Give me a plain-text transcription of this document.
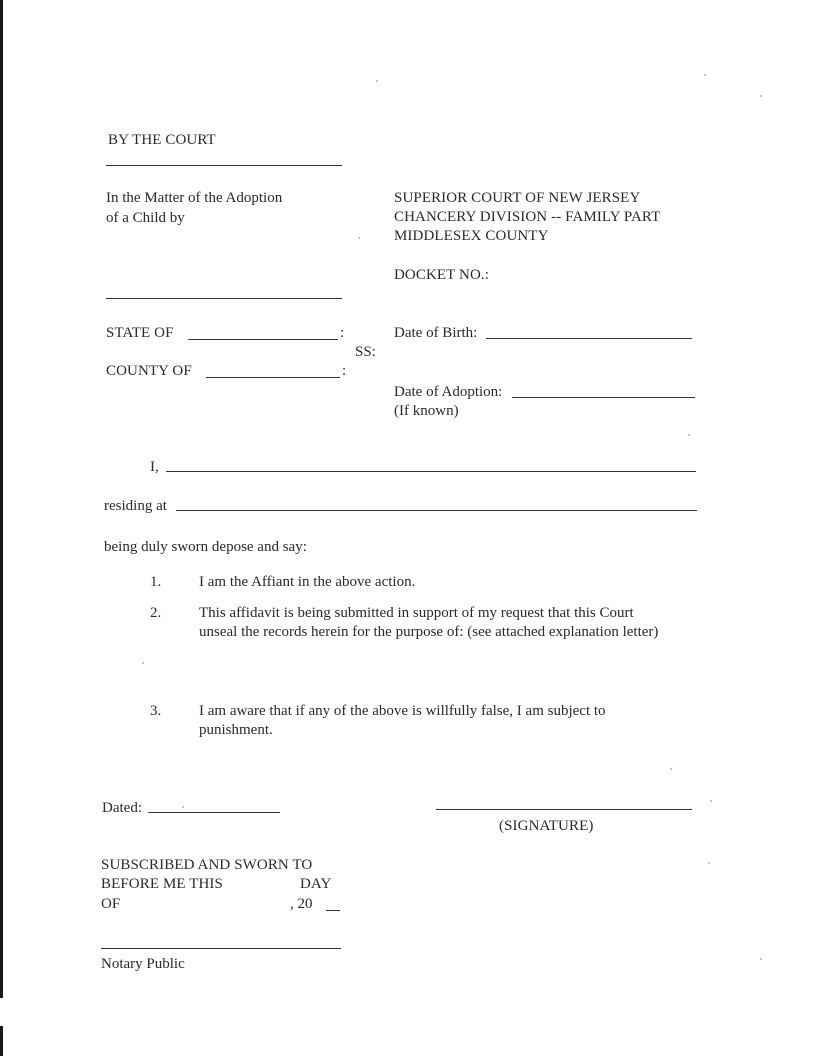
BY THE COURT
In the Matter of the Adoption
of a Child by
SUPERIOR COURT OF NEW JERSEY
CHANCERY DIVISION -- FAMILY PART
MIDDLESEX COUNTY
DOCKET NO.:
STATE OF	:
SS:
COUNTY OF	:
Date of Birth:
Date of Adoption:
(If known)
I,
residing at
being duly sworn depose and say:
1.	I am the Affiant in the above action.
2.	This affidavit is being submitted in support of my request that this Court
unseal the records herein for the purpose of: (see attached explanation letter)
3.	I am aware that if any of the above is willfully false, I am subject to
punishment.
Dated:
(SIGNATURE)
SUBSCRIBED AND SWORN TO
BEFORE ME THIS	DAY
OF	, 20
Notary Public
